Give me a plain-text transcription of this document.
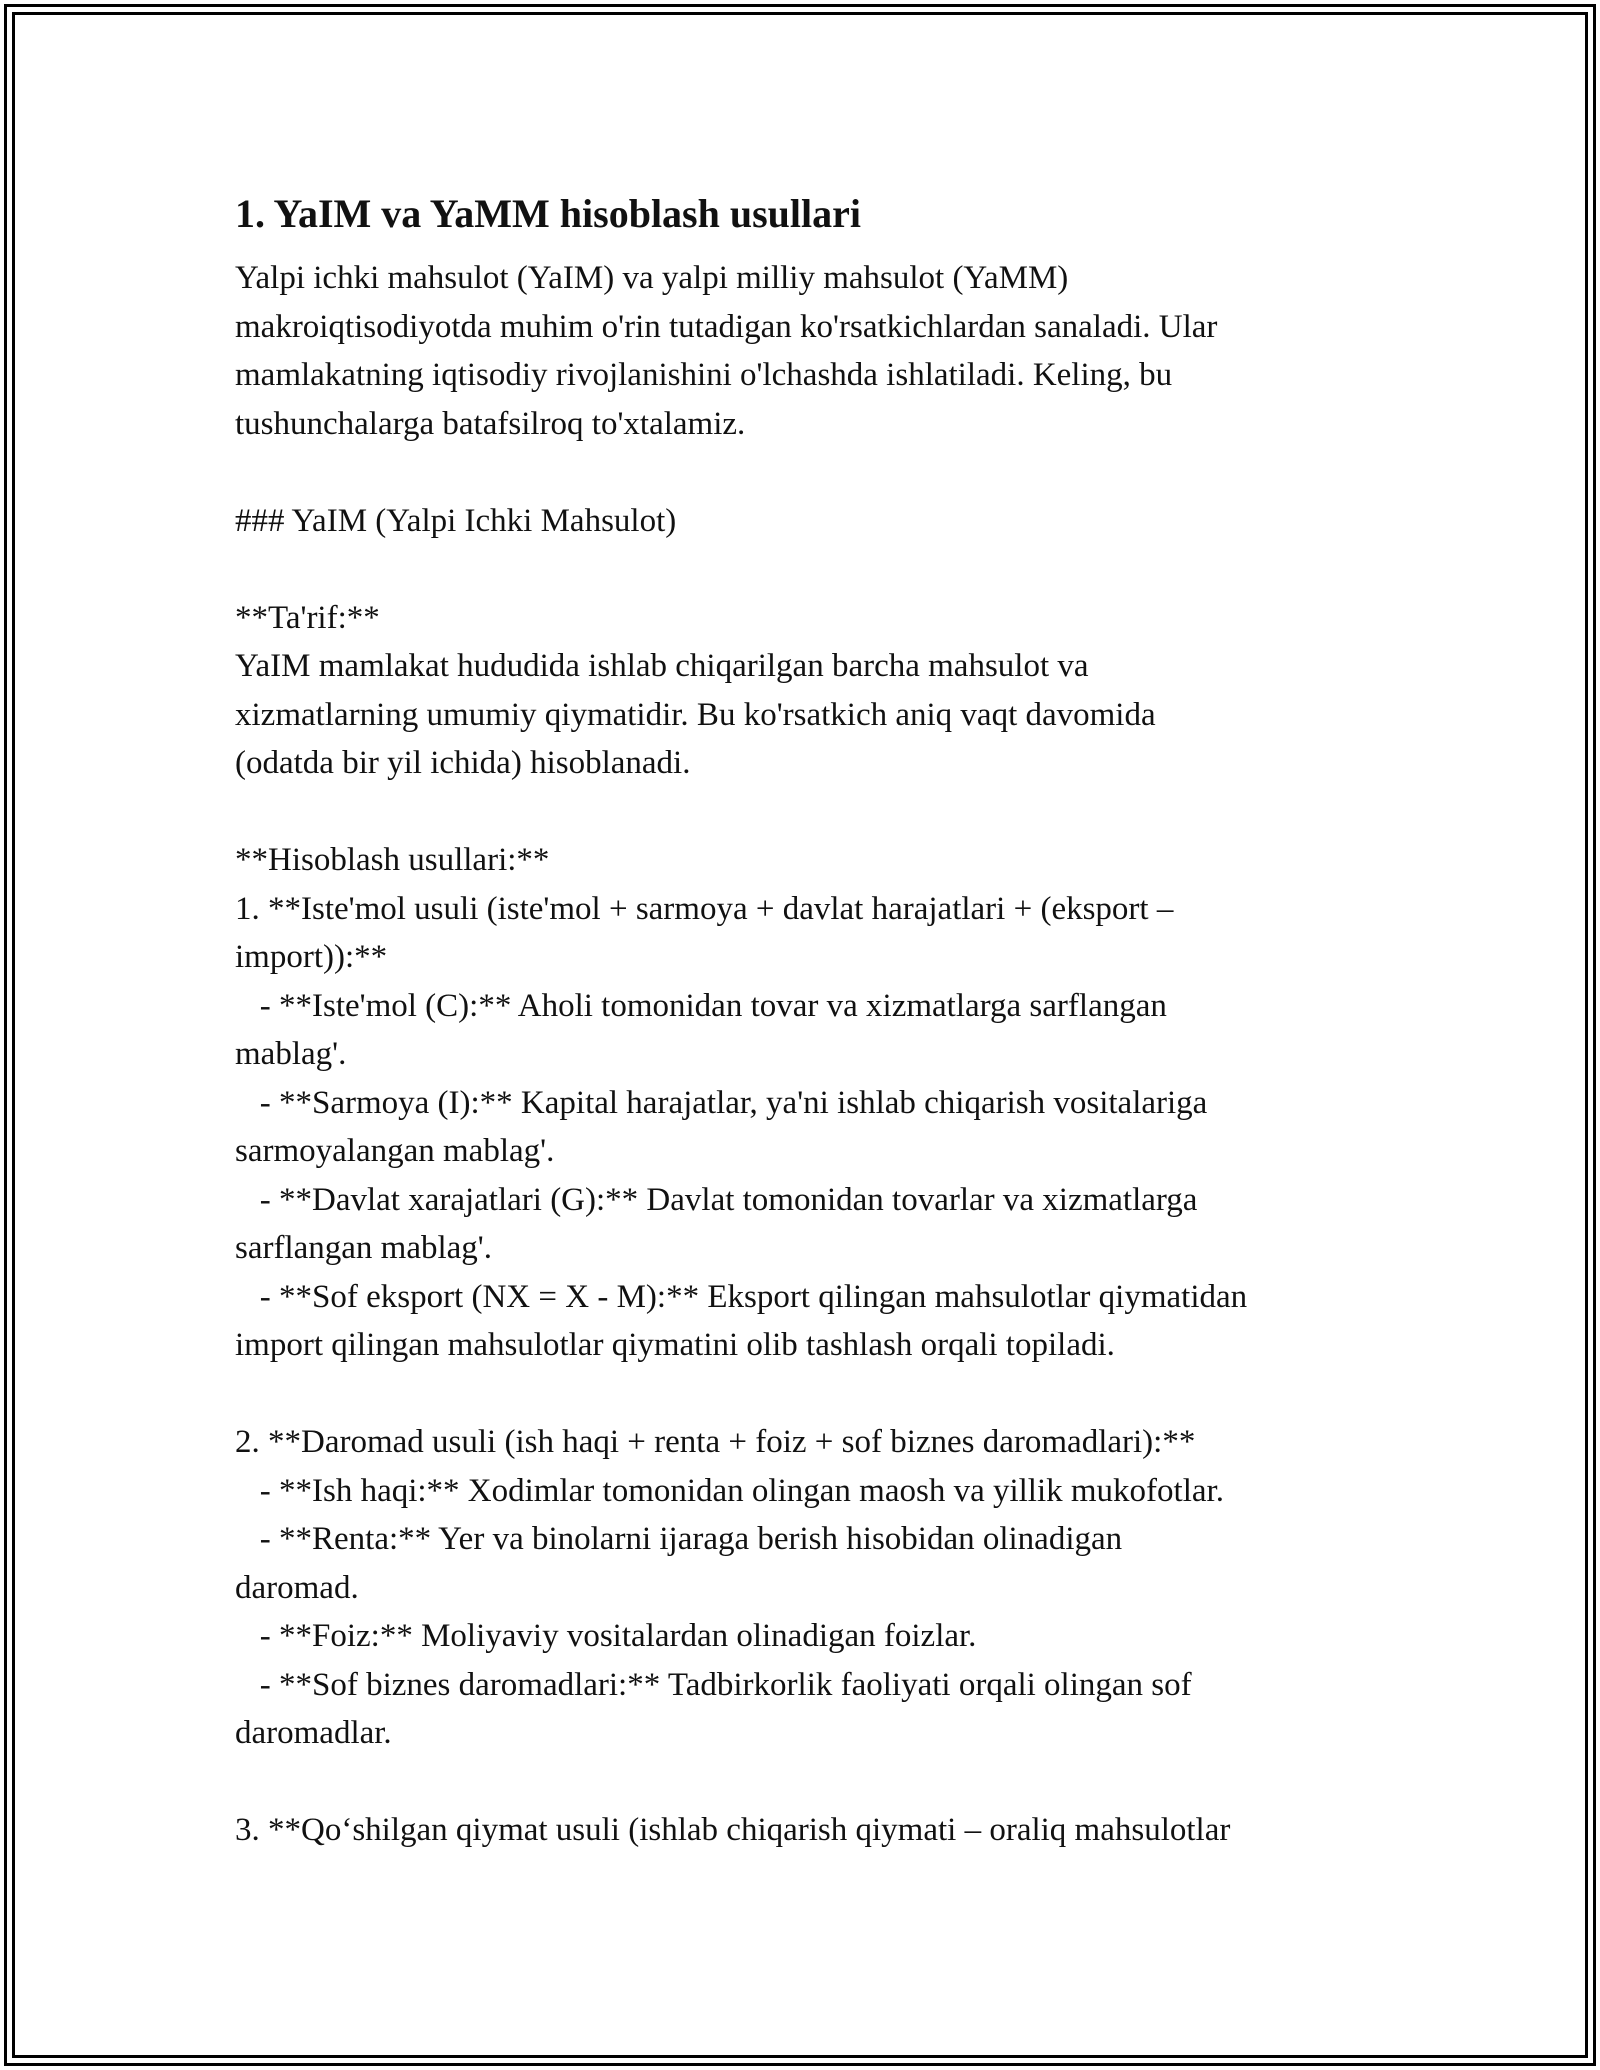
1. YaIM va YaMM hisoblash usullari
Yalpi ichki mahsulot (YaIM) va yalpi milliy mahsulot (YaMM)
makroiqtisodiyotda muhim o'rin tutadigan ko'rsatkichlardan sanaladi. Ular
mamlakatning iqtisodiy rivojlanishini o'lchashda ishlatiladi. Keling, bu
tushunchalarga batafsilroq to'xtalamiz.
### YaIM (Yalpi Ichki Mahsulot)
**Ta'rif:**
YaIM mamlakat hududida ishlab chiqarilgan barcha mahsulot va
xizmatlarning umumiy qiymatidir. Bu ko'rsatkich aniq vaqt davomida
(odatda bir yil ichida) hisoblanadi.
**Hisoblash usullari:**
1. **Iste'mol usuli (iste'mol + sarmoya + davlat harajatlari + (eksport –
import)):**
- **Iste'mol (C):** Aholi tomonidan tovar va xizmatlarga sarflangan
mablag'.
- **Sarmoya (I):** Kapital harajatlar, ya'ni ishlab chiqarish vositalariga
sarmoyalangan mablag'.
- **Davlat xarajatlari (G):** Davlat tomonidan tovarlar va xizmatlarga
sarflangan mablag'.
- **Sof eksport (NX = X - M):** Eksport qilingan mahsulotlar qiymatidan
import qilingan mahsulotlar qiymatini olib tashlash orqali topiladi.
2. **Daromad usuli (ish haqi + renta + foiz + sof biznes daromadlari):**
- **Ish haqi:** Xodimlar tomonidan olingan maosh va yillik mukofotlar.
- **Renta:** Yer va binolarni ijaraga berish hisobidan olinadigan
daromad.
- **Foiz:** Moliyaviy vositalardan olinadigan foizlar.
- **Sof biznes daromadlari:** Tadbirkorlik faoliyati orqali olingan sof
daromadlar.
3. **Qo‘shilgan qiymat usuli (ishlab chiqarish qiymati – oraliq mahsulotlar
